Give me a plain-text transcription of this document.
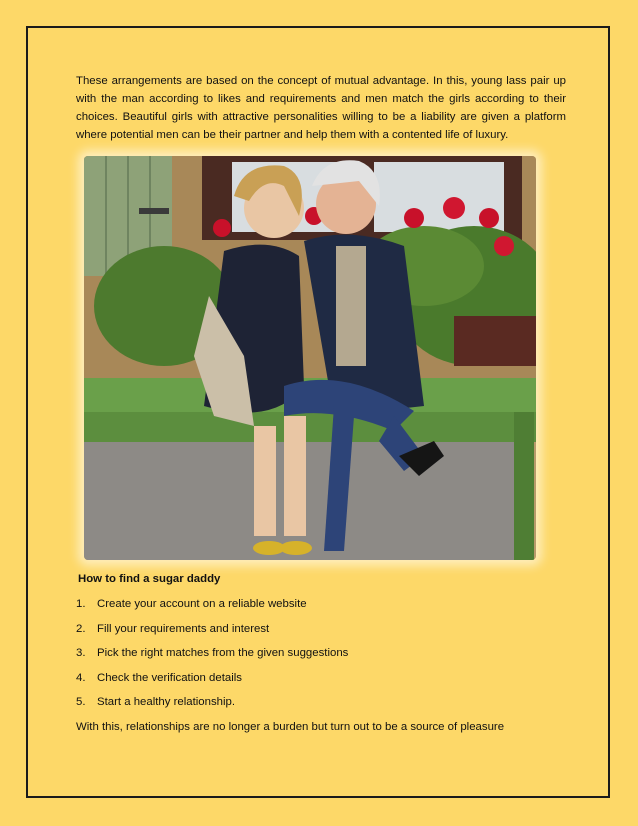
These arrangements are based on the concept of mutual advantage. In this, young lass pair up with the man according to likes and requirements and men match the girls according to their choices. Beautiful girls with attractive personalities willing to be a liability are given a platform where potential men can be their partner and help them with a contented life of luxury.

How to find a sugar daddy

1.	Create your account on a reliable website
2.	Fill your requirements and interest
3.	Pick the right matches from the given suggestions
4.	Check the verification details
5.	Start a healthy relationship.

With this, relationships are no longer a burden but turn out to be a source of pleasure
